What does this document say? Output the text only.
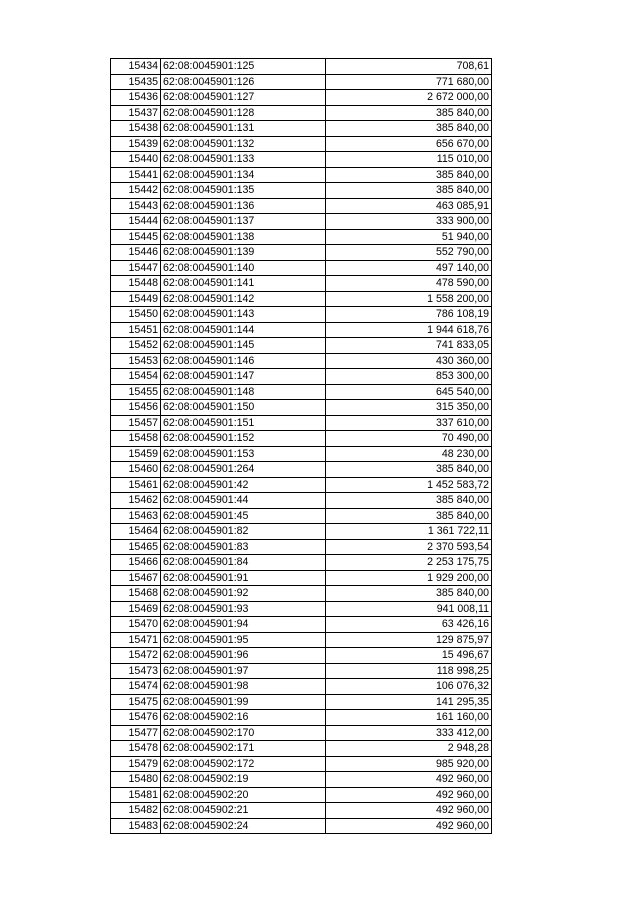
15434	62:08:0045901:125	708,61
15435	62:08:0045901:126	771 680,00
15436	62:08:0045901:127	2 672 000,00
15437	62:08:0045901:128	385 840,00
15438	62:08:0045901:131	385 840,00
15439	62:08:0045901:132	656 670,00
15440	62:08:0045901:133	115 010,00
15441	62:08:0045901:134	385 840,00
15442	62:08:0045901:135	385 840,00
15443	62:08:0045901:136	463 085,91
15444	62:08:0045901:137	333 900,00
15445	62:08:0045901:138	51 940,00
15446	62:08:0045901:139	552 790,00
15447	62:08:0045901:140	497 140,00
15448	62:08:0045901:141	478 590,00
15449	62:08:0045901:142	1 558 200,00
15450	62:08:0045901:143	786 108,19
15451	62:08:0045901:144	1 944 618,76
15452	62:08:0045901:145	741 833,05
15453	62:08:0045901:146	430 360,00
15454	62:08:0045901:147	853 300,00
15455	62:08:0045901:148	645 540,00
15456	62:08:0045901:150	315 350,00
15457	62:08:0045901:151	337 610,00
15458	62:08:0045901:152	70 490,00
15459	62:08:0045901:153	48 230,00
15460	62:08:0045901:264	385 840,00
15461	62:08:0045901:42	1 452 583,72
15462	62:08:0045901:44	385 840,00
15463	62:08:0045901:45	385 840,00
15464	62:08:0045901:82	1 361 722,11
15465	62:08:0045901:83	2 370 593,54
15466	62:08:0045901:84	2 253 175,75
15467	62:08:0045901:91	1 929 200,00
15468	62:08:0045901:92	385 840,00
15469	62:08:0045901:93	941 008,11
15470	62:08:0045901:94	63 426,16
15471	62:08:0045901:95	129 875,97
15472	62:08:0045901:96	15 496,67
15473	62:08:0045901:97	118 998,25
15474	62:08:0045901:98	106 076,32
15475	62:08:0045901:99	141 295,35
15476	62:08:0045902:16	161 160,00
15477	62:08:0045902:170	333 412,00
15478	62:08:0045902:171	2 948,28
15479	62:08:0045902:172	985 920,00
15480	62:08:0045902:19	492 960,00
15481	62:08:0045902:20	492 960,00
15482	62:08:0045902:21	492 960,00
15483	62:08:0045902:24	492 960,00
